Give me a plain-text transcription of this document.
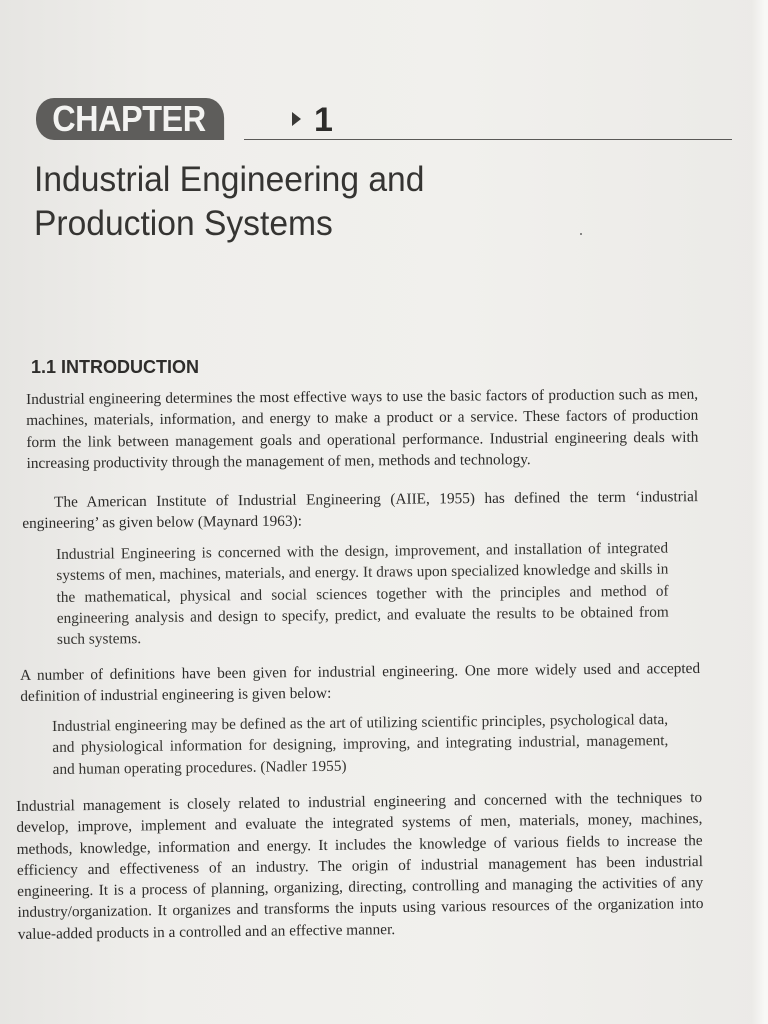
CHAPTER	1
Industrial Engineering and
Production Systems
1.1 INTRODUCTION

Industrial engineering determines the most effective ways to use the basic factors of production such as men, machines, materials, information, and energy to make a product or a service. These factors of production form the link between management goals and operational performance. Industrial engineering deals with increasing productivity through the management of men, methods and technology.

The American Institute of Industrial Engineering (AIIE, 1955) has defined the term ‘industrial engineering’ as given below (Maynard 1963):

Industrial Engineering is concerned with the design, improvement, and installation of integrated systems of men, machines, materials, and energy. It draws upon specialized knowledge and skills in the mathematical, physical and social sciences together with the principles and method of engineering analysis and design to specify, predict, and evaluate the results to be obtained from such systems.

A number of definitions have been given for industrial engineering. One more widely used and accepted definition of industrial engineering is given below:

Industrial engineering may be defined as the art of utilizing scientific principles, psychological data, and physiological information for designing, improving, and integrating industrial, management, and human operating procedures. (Nadler 1955)

Industrial management is closely related to industrial engineering and concerned with the techniques to develop, improve, implement and evaluate the integrated systems of men, materials, money, machines, methods, knowledge, information and energy. It includes the knowledge of various fields to increase the efficiency and effectiveness of an industry. The origin of industrial management has been industrial engineering. It is a process of planning, organizing, directing, controlling and managing the activities of any industry/organization. It organizes and transforms the inputs using various resources of the organization into value-added products in a controlled and an effective manner.
